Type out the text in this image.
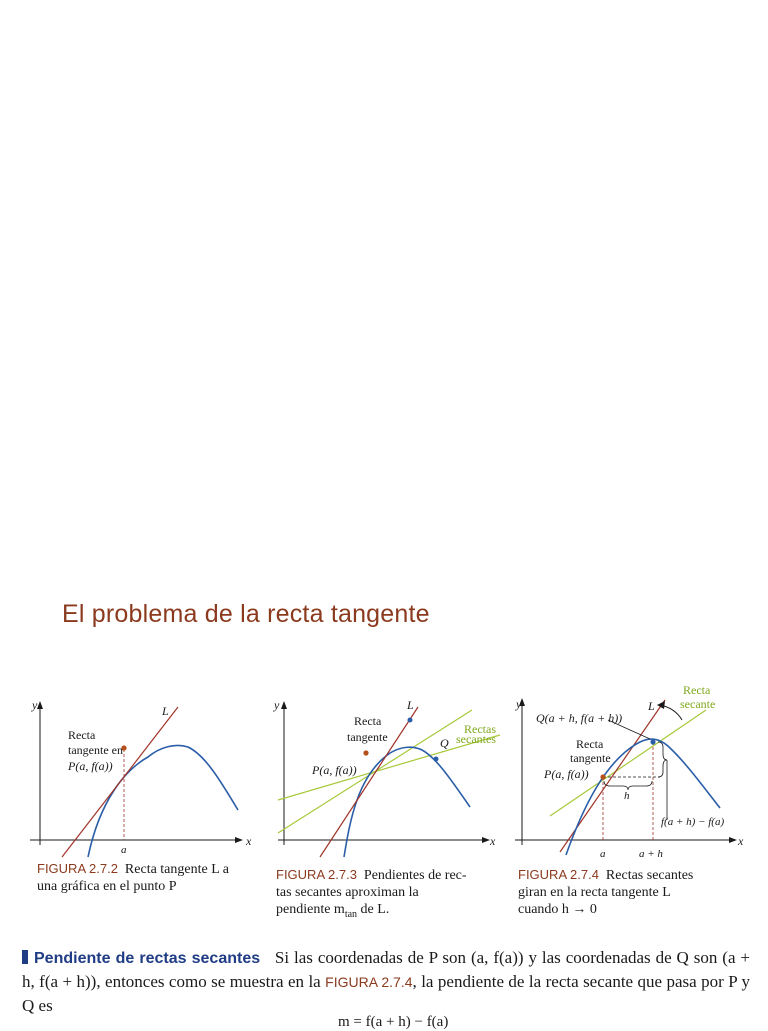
El problema de la recta tangente
y
x
L
Recta
tangente en
P(a, f(a))
a
y
x
L
Recta
tangente
Rectas
secantes
Q
P(a, f(a))
y
x
L
Recta
secante
Q(a + h, f(a + h))
Recta
tangente
P(a, f(a))
h
f(a + h) − f(a)
a	a + h

FIGURA 2.7.2 Recta tangente L a
una gráfica en el punto P

FIGURA 2.7.3 Pendientes de rec-
tas secantes aproximan la
pendiente $m_{tan}$ de L.

FIGURA 2.7.4 Rectas secantes
giran en la recta tangente L
cuando h → 0

Pendiente de rectas secantes Si las coordenadas de P son (a, f(a)) y las coordenadas de Q son (a + h, f(a + h)), entonces como se muestra en la FIGURA 2.7.4, la pendiente de la recta secante que pasa por P y Q es

m = f(a + h) − f(a)
